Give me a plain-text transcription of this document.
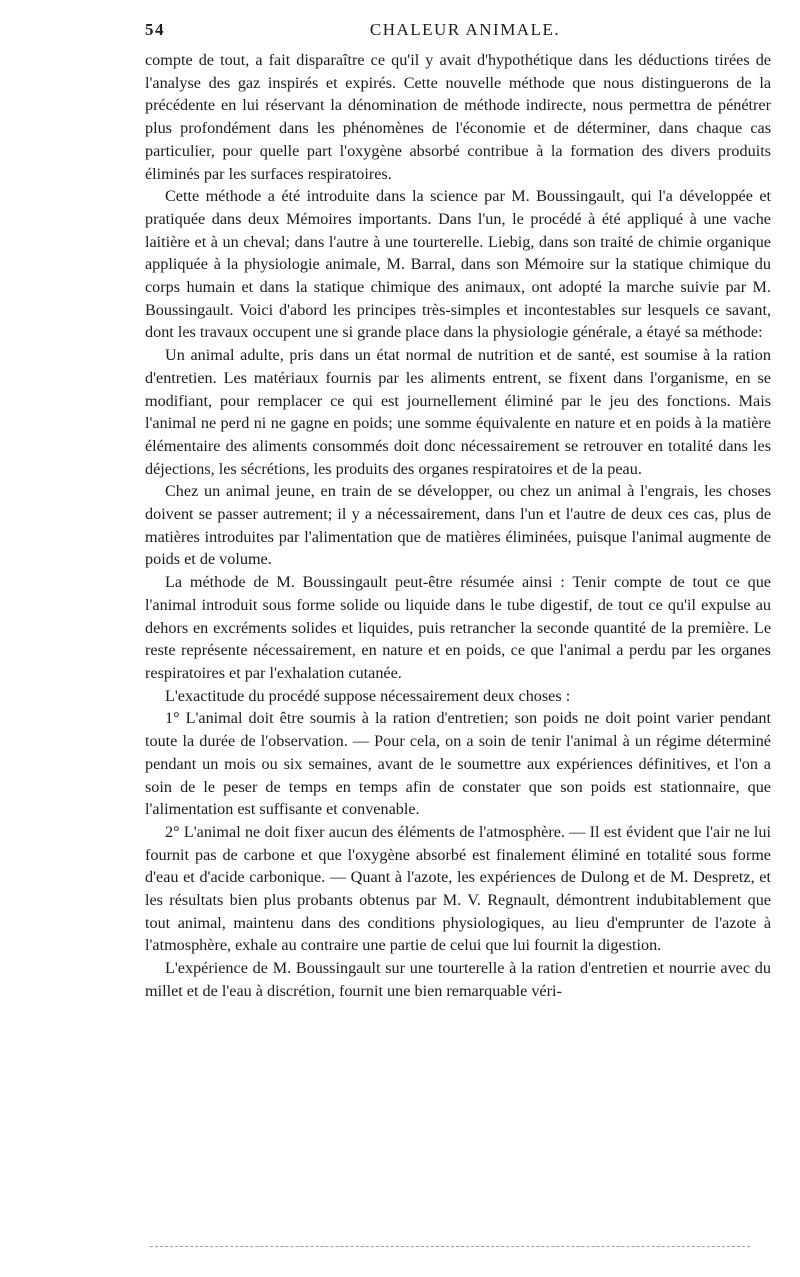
54	CHALEUR ANIMALE.

compte de tout, a fait disparaître ce qu'il y avait d'hypothétique dans les déductions tirées de l'analyse des gaz inspirés et expirés. Cette nouvelle méthode que nous distinguerons de la précédente en lui réservant la dénomination de méthode indirecte, nous permettra de pénétrer plus profondément dans les phénomènes de l'économie et de déterminer, dans chaque cas particulier, pour quelle part l'oxygène absorbé contribue à la formation des divers produits éliminés par les surfaces respiratoires.

Cette méthode a été introduite dans la science par M. Boussingault, qui l'a développée et pratiquée dans deux Mémoires importants. Dans l'un, le procédé à été appliqué à une vache laitière et à un cheval; dans l'autre à une tourterelle. Liebig, dans son traité de chimie organique appliquée à la physiologie animale, M. Barral, dans son Mémoire sur la statique chimique du corps humain et dans la statique chimique des animaux, ont adopté la marche suivie par M. Boussingault. Voici d'abord les principes très-simples et incontestables sur lesquels ce savant, dont les travaux occupent une si grande place dans la physiologie générale, a étayé sa méthode:

Un animal adulte, pris dans un état normal de nutrition et de santé, est soumise à la ration d'entretien. Les matériaux fournis par les aliments entrent, se fixent dans l'organisme, en se modifiant, pour remplacer ce qui est journellement éliminé par le jeu des fonctions. Mais l'animal ne perd ni ne gagne en poids; une somme équivalente en nature et en poids à la matière élémentaire des aliments consommés doit donc nécessairement se retrouver en totalité dans les déjections, les sécrétions, les produits des organes respiratoires et de la peau.

Chez un animal jeune, en train de se développer, ou chez un animal à l'engrais, les choses doivent se passer autrement; il y a nécessairement, dans l'un et l'autre de deux ces cas, plus de matières introduites par l'alimentation que de matières éliminées, puisque l'animal augmente de poids et de volume.

La méthode de M. Boussingault peut-être résumée ainsi : Tenir compte de tout ce que l'animal introduit sous forme solide ou liquide dans le tube digestif, de tout ce qu'il expulse au dehors en excréments solides et liquides, puis retrancher la seconde quantité de la première. Le reste représente nécessairement, en nature et en poids, ce que l'animal a perdu par les organes respiratoires et par l'exhalation cutanée.

L'exactitude du procédé suppose nécessairement deux choses :

1° L'animal doit être soumis à la ration d'entretien; son poids ne doit point varier pendant toute la durée de l'observation. — Pour cela, on a soin de tenir l'animal à un régime déterminé pendant un mois ou six semaines, avant de le soumettre aux expériences définitives, et l'on a soin de le peser de temps en temps afin de constater que son poids est stationnaire, que l'alimentation est suffisante et convenable.

2° L'animal ne doit fixer aucun des éléments de l'atmosphère. — Il est évident que l'air ne lui fournit pas de carbone et que l'oxygène absorbé est finalement éliminé en totalité sous forme d'eau et d'acide carbonique. — Quant à l'azote, les expériences de Dulong et de M. Despretz, et les résultats bien plus probants obtenus par M. V. Regnault, démontrent indubitablement que tout animal, maintenu dans des conditions physiologiques, au lieu d'emprunter de l'azote à l'atmosphère, exhale au contraire une partie de celui que lui fournit la digestion.

L'expérience de M. Boussingault sur une tourterelle à la ration d'entretien et nourrie avec du millet et de l'eau à discrétion, fournit une bien remarquable véri-
